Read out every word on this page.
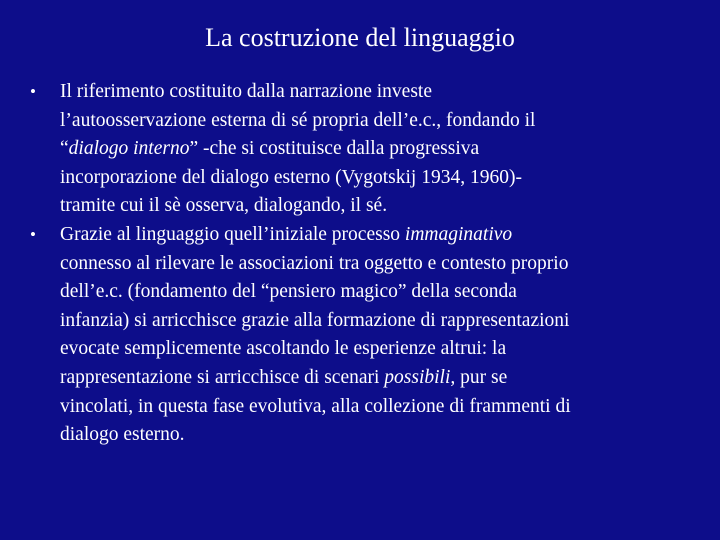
La costruzione del linguaggio
• Il riferimento costituito dalla narrazione investe
l’autoosservazione esterna di sé propria dell’e.c., fondando il
“dialogo interno” -che si costituisce dalla progressiva
incorporazione del dialogo esterno (Vygotskij 1934, 1960)-
tramite cui il sè osserva, dialogando, il sé.
• Grazie al linguaggio quell’iniziale processo immaginativo
connesso al rilevare le associazioni tra oggetto e contesto proprio
dell’e.c. (fondamento del “pensiero magico” della seconda
infanzia) si arricchisce grazie alla formazione di rappresentazioni
evocate semplicemente ascoltando le esperienze altrui: la
rappresentazione si arricchisce di scenari possibili, pur se
vincolati, in questa fase evolutiva, alla collezione di frammenti di
dialogo esterno.
